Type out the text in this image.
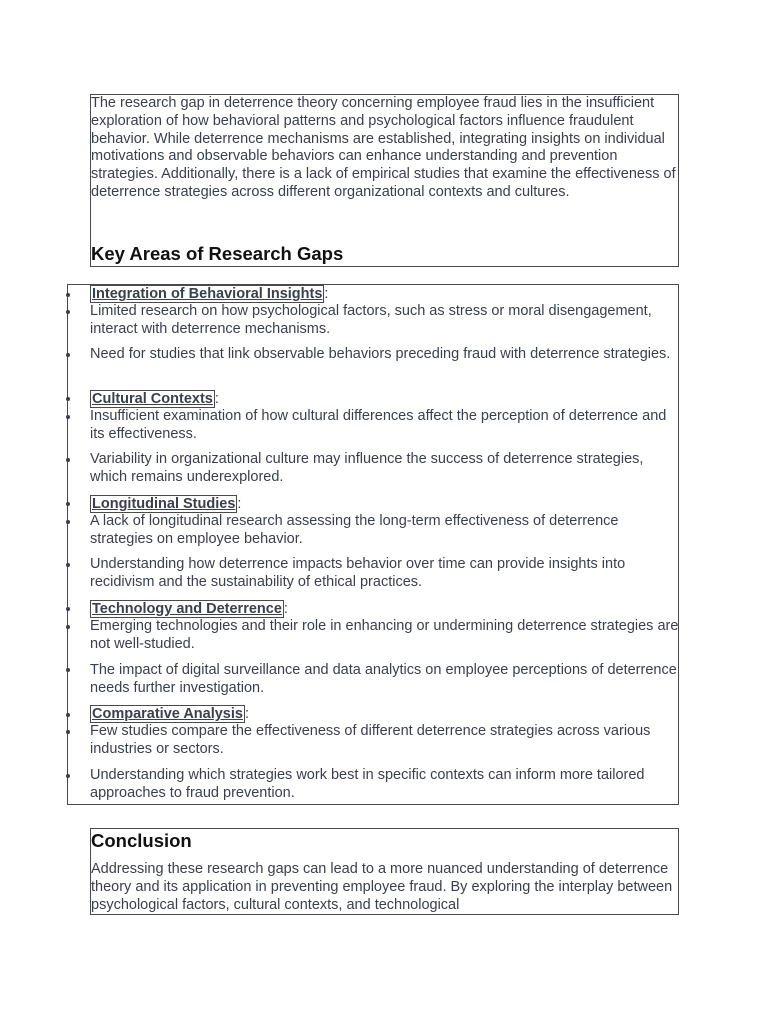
The research gap in deterrence theory concerning employee fraud lies in the insufficient exploration of how behavioral patterns and psychological factors influence fraudulent behavior. While deterrence mechanisms are established, integrating insights on individual motivations and observable behaviors can enhance understanding and prevention strategies. Additionally, there is a lack of empirical studies that examine the effectiveness of deterrence strategies across different organizational contexts and cultures.

Key Areas of Research Gaps
Integration of Behavioral Insights :

Limited research on how psychological factors, such as stress or moral disengagement, interact with deterrence mechanisms.

Need for studies that link observable behaviors preceding fraud with deterrence strategies.

Cultural Contexts :

Insufficient examination of how cultural differences affect the perception of deterrence and its effectiveness.

Variability in organizational culture may influence the success of deterrence strategies, which remains underexplored.

Longitudinal Studies :

A lack of longitudinal research assessing the long-term effectiveness of deterrence strategies on employee behavior.

Understanding how deterrence impacts behavior over time can provide insights into recidivism and the sustainability of ethical practices.

Technology and Deterrence :

Emerging technologies and their role in enhancing or undermining deterrence strategies are not well-studied.

The impact of digital surveillance and data analytics on employee perceptions of deterrence needs further investigation.

Comparative Analysis :

Few studies compare the effectiveness of different deterrence strategies across various industries or sectors.

Understanding which strategies work best in specific contexts can inform more tailored approaches to fraud prevention.

Conclusion

Addressing these research gaps can lead to a more nuanced understanding of deterrence theory and its application in preventing employee fraud. By exploring the interplay between psychological factors, cultural contexts, and technological
